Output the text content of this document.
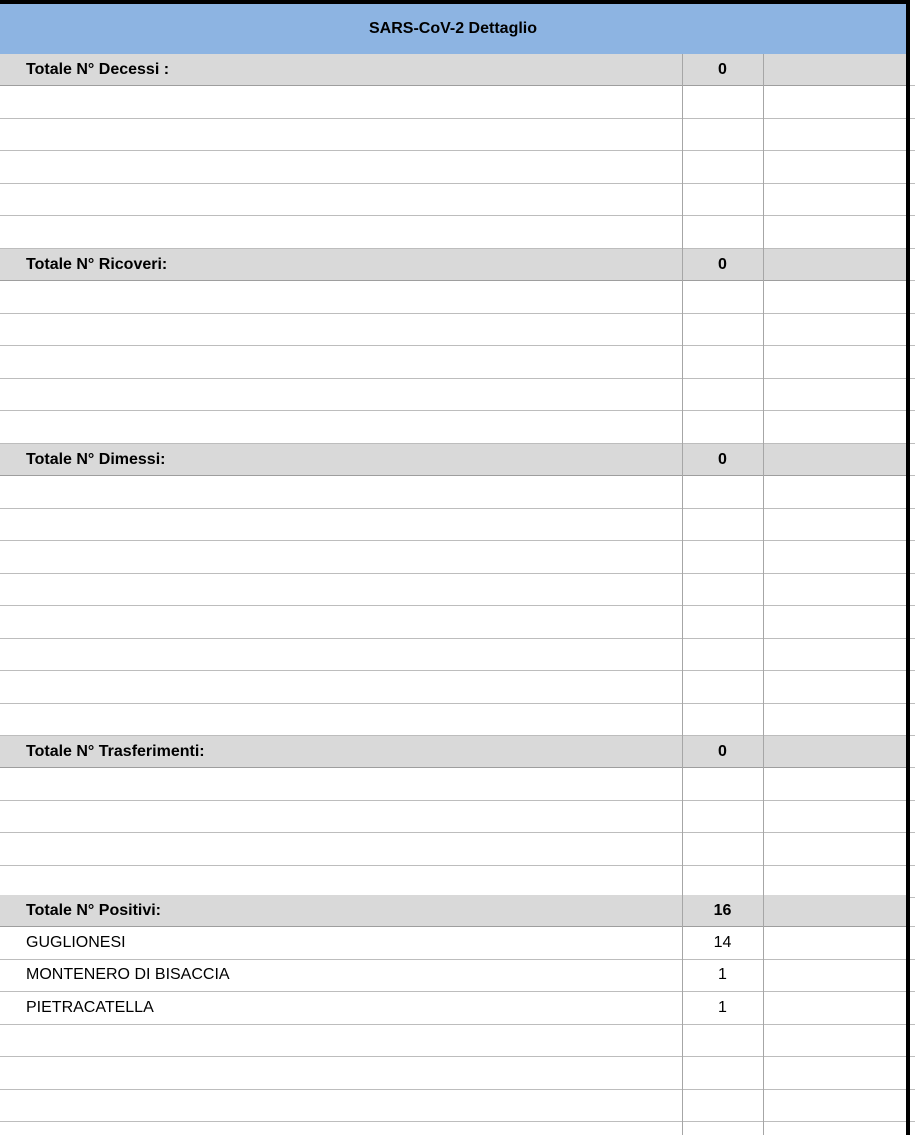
SARS-CoV-2 Dettaglio
Totale N° Decessi :	0
Totale N° Ricoveri:	0
Totale N° Dimessi:	0
Totale N° Trasferimenti:	0
Totale N° Positivi:	16
GUGLIONESI	14
MONTENERO DI BISACCIA	1
PIETRACATELLA	1
